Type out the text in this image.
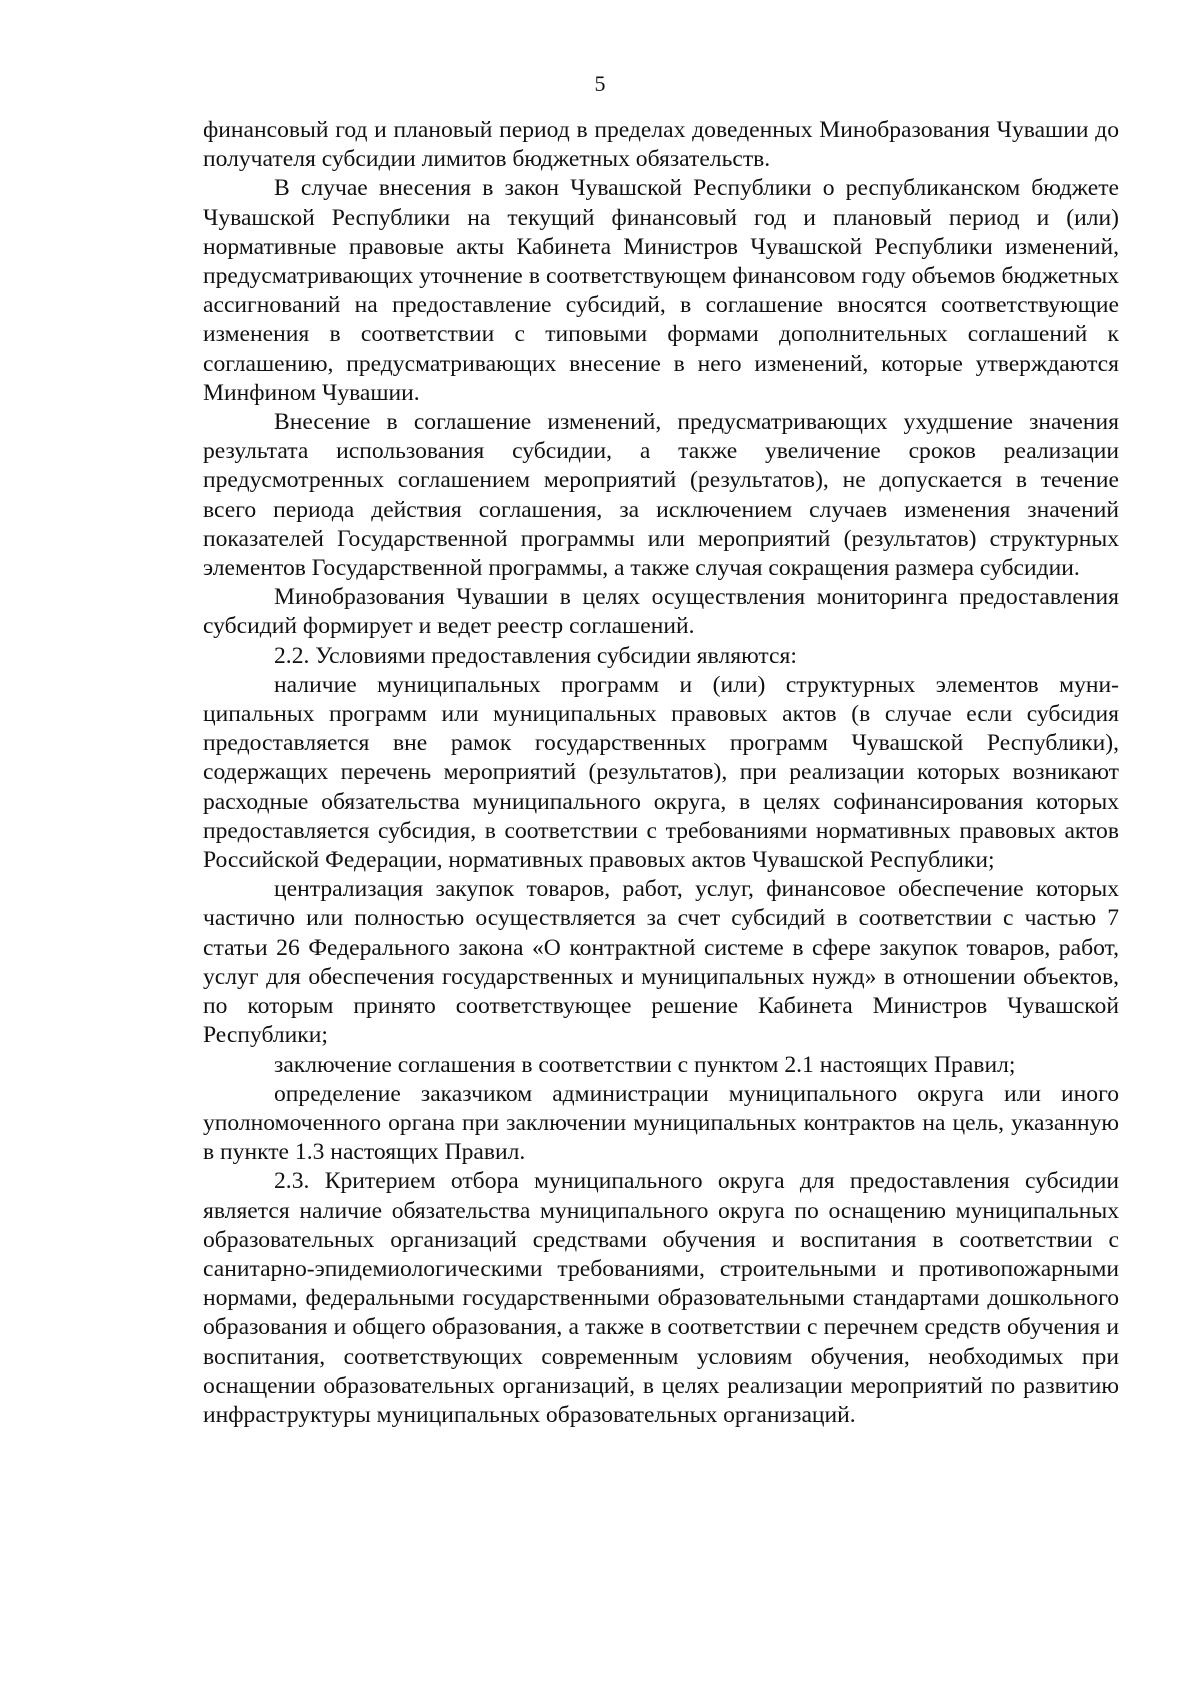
5

финансовый год и плановый период в пределах доведенных Минобразования Чувашии до получателя субсидии лимитов бюджетных обязательств.

В случае внесения в закон Чувашской Республики о республиканском бюджете Чувашской Республики на текущий финансовый год и плановый период и (или) нормативные правовые акты Кабинета Министров Чувашской Республики изменений, предусматривающих уточнение в соответствующем финансовом году объемов бюджетных ассигнований на предоставление субсидий, в соглашение вносятся соответствующие изменения в соответствии с типовыми формами дополнительных соглашений к соглашению, предусматривающих внесение в него изменений, которые утверждаются Минфином Чувашии.

Внесение в соглашение изменений, предусматривающих ухудшение значения результата использования субсидии, а также увеличение сроков реализации предусмотренных соглашением мероприятий (результатов), не допускается в течение всего периода действия соглашения, за исключением случаев изменения значений показателей Государственной программы или мероприятий (результатов) структурных элементов Государственной программы, а также случая сокращения размера субсидии.

Минобразования Чувашии в целях осуществления мониторинга предоставления субсидий формирует и ведет реестр соглашений.

2.2. Условиями предоставления субсидии являются:

наличие муниципальных программ и (или) структурных элементов муниципальных программ или муниципальных правовых актов (в случае если субсидия предоставляется вне рамок государственных программ Чувашской Республики), содержащих перечень мероприятий (результатов), при реализации которых возникают расходные обязательства муниципального округа, в целях софинансирования которых предоставляется субсидия, в соответствии с требованиями нормативных правовых актов Российской Федерации, нормативных правовых актов Чувашской Республики;

централизация закупок товаров, работ, услуг, финансовое обеспечение которых частично или полностью осуществляется за счет субсидий в соответствии с частью 7 статьи 26 Федерального закона «О контрактной системе в сфере закупок товаров, работ, услуг для обеспечения государственных и муниципальных нужд» в отношении объектов, по которым принято соответствующее решение Кабинета Министров Чувашской Республики;

заключение соглашения в соответствии с пунктом 2.1 настоящих Правил;

определение заказчиком администрации муниципального округа или иного уполномоченного органа при заключении муниципальных контрактов на цель, указанную в пункте 1.3 настоящих Правил.

2.3. Критерием отбора муниципального округа для предоставления субсидии является наличие обязательства муниципального округа по оснащению муниципальных образовательных организаций средствами обучения и воспитания в соответствии с санитарно-эпидемиологическими требованиями, строительными и противопожарными нормами, федеральными государственными образовательными стандартами дошкольного образования и общего образования, а также в соответствии с перечнем средств обучения и воспитания, соответствующих современным условиям обучения, необходимых при оснащении образовательных организаций, в целях реализации мероприятий по развитию инфраструктуры муниципальных образовательных организаций.
